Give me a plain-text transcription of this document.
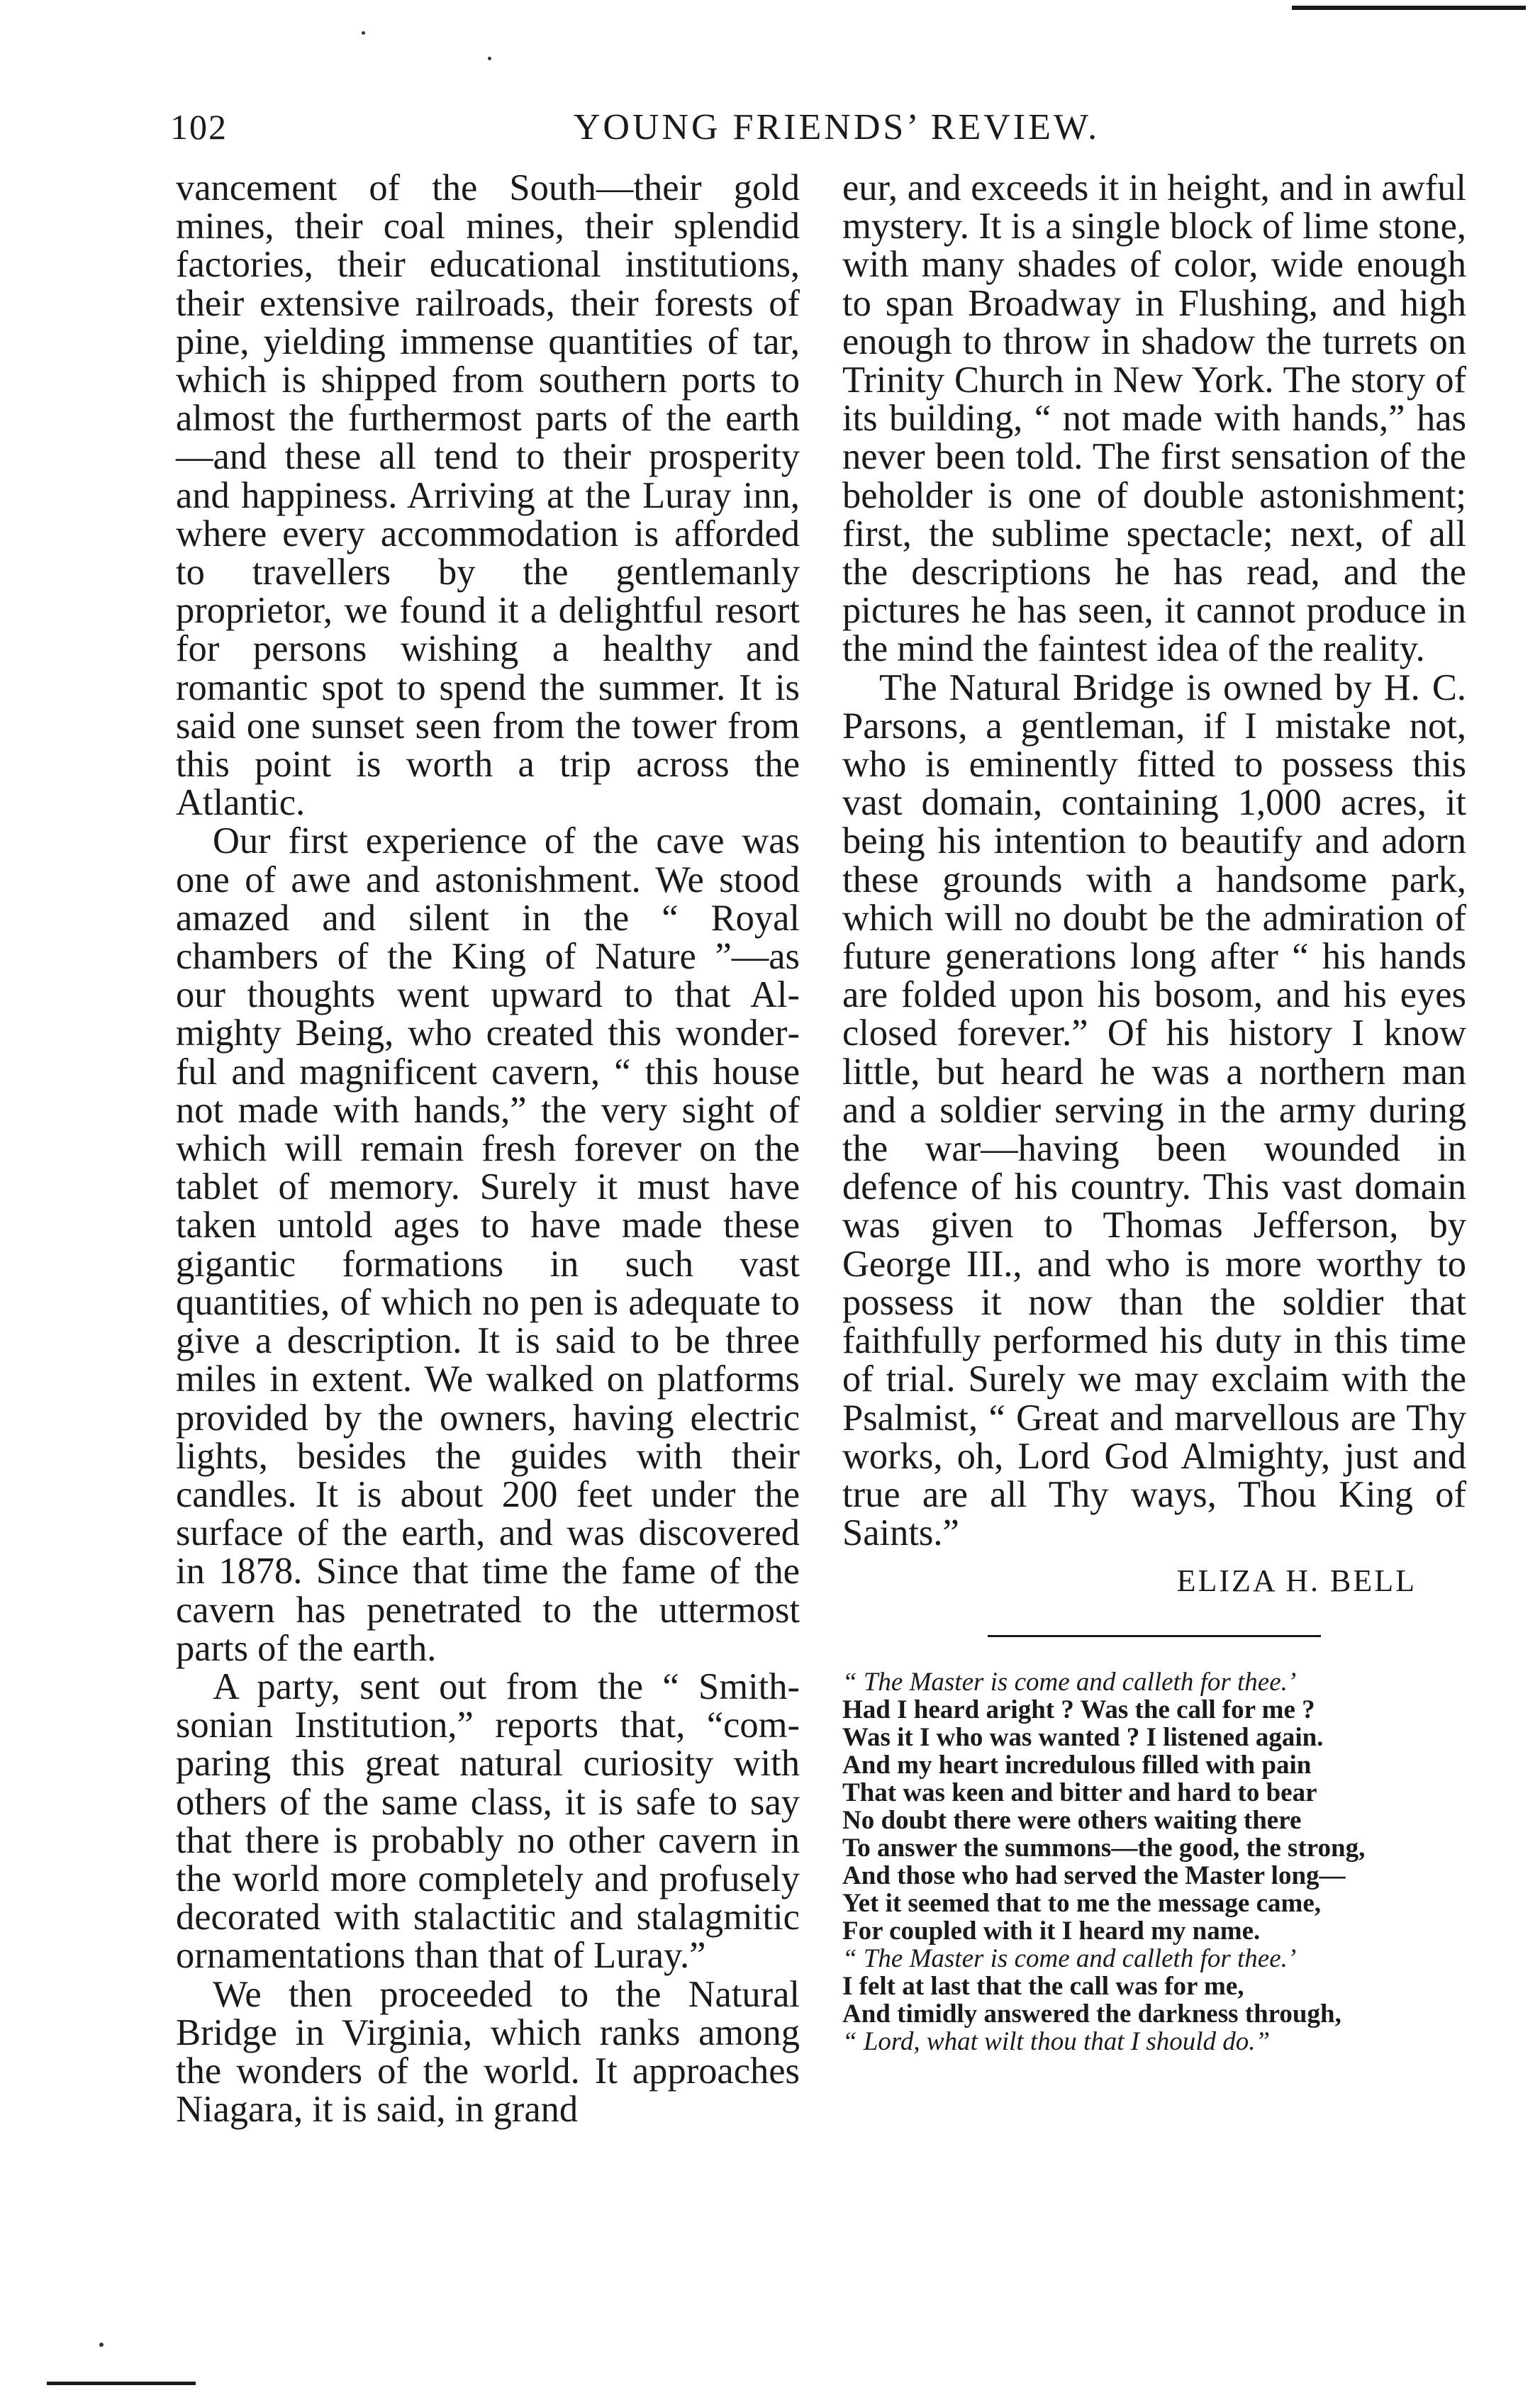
102	YOUNG FRIENDS’ REVIEW.

vancement of the South—their gold mines, their coal mines, their splendid factories, their educational institutions, their extensive railroads, their forests of pine, yielding immense quantities of tar, which is shipped from southern ports to almost the furthermost parts of the earth—and these all tend to their prosperity and happiness. Arriving at the Luray inn, where every accommodation is afforded to travellers by the gentlemanly proprietor, we found it a delightful resort for persons wishing a healthy and romantic spot to spend the summer. It is said one sunset seen from the tower from this point is worth a trip across the Atlantic.

Our first experience of the cave was one of awe and astonishment. We stood amazed and silent in the “ Royal chambers of the King of Nature ”—as our thoughts went upward to that Almighty Being, who created this wonderful and magnificent cavern, “ this house not made with hands,” the very sight of which will remain fresh forever on the tablet of memory. Surely it must have taken untold ages to have made these gigantic formations in such vast quantities, of which no pen is adequate to give a description. It is said to be three miles in extent. We walked on platforms provided by the owners, having electric lights, besides the guides with their candles. It is about 200 feet under the surface of the earth, and was discovered in 1878. Since that time the fame of the cavern has penetrated to the uttermost parts of the earth.

A party, sent out from the “ Smithsonian Institution,” reports that, “comparing this great natural curiosity with others of the same class, it is safe to say that there is probably no other cavern in the world more completely and profusely decorated with stalactitic and stalagmitic ornamentations than that of Luray.”

We then proceeded to the Natural Bridge in Virginia, which ranks among the wonders of the world. It approaches Niagara, it is said, in grand

eur, and exceeds it in height, and in awful mystery. It is a single block of lime stone, with many shades of color, wide enough to span Broadway in Flushing, and high enough to throw in shadow the turrets on Trinity Church in New York. The story of its building, “ not made with hands,” has never been told. The first sensation of the beholder is one of double astonishment; first, the sublime spectacle; next, of all the descriptions he has read, and the pictures he has seen, it cannot produce in the mind the faintest idea of the reality.

The Natural Bridge is owned by H. C. Parsons, a gentleman, if I mistake not, who is eminently fitted to possess this vast domain, containing 1,000 acres, it being his intention to beautify and adorn these grounds with a handsome park, which will no doubt be the admiration of future generations long after “ his hands are folded upon his bosom, and his eyes closed forever.” Of his history I know little, but heard he was a northern man and a soldier serving in the army during the war—having been wounded in defence of his country. This vast domain was given to Thomas Jefferson, by George III., and who is more worthy to possess it now than the soldier that faithfully performed his duty in this time of trial. Surely we may exclaim with the Psalmist, “ Great and marvellous are Thy works, oh, Lord God Almighty, just and true are all Thy ways, Thou King of Saints.”

ELIZA H. BELL
“ The Master is come and calleth for thee.’
Had I heard aright ? Was the call for me ?
Was it I who was wanted ? I listened again.
And my heart incredulous filled with pain
That was keen and bitter and hard to bear
No doubt there were others waiting there
To answer the summons—the good, the strong,
And those who had served the Master long—
Yet it seemed that to me the message came,
For coupled with it I heard my name.
“ The Master is come and calleth for thee.’
I felt at last that the call was for me,
And timidly answered the darkness through,
“ Lord, what wilt thou that I should do.”
